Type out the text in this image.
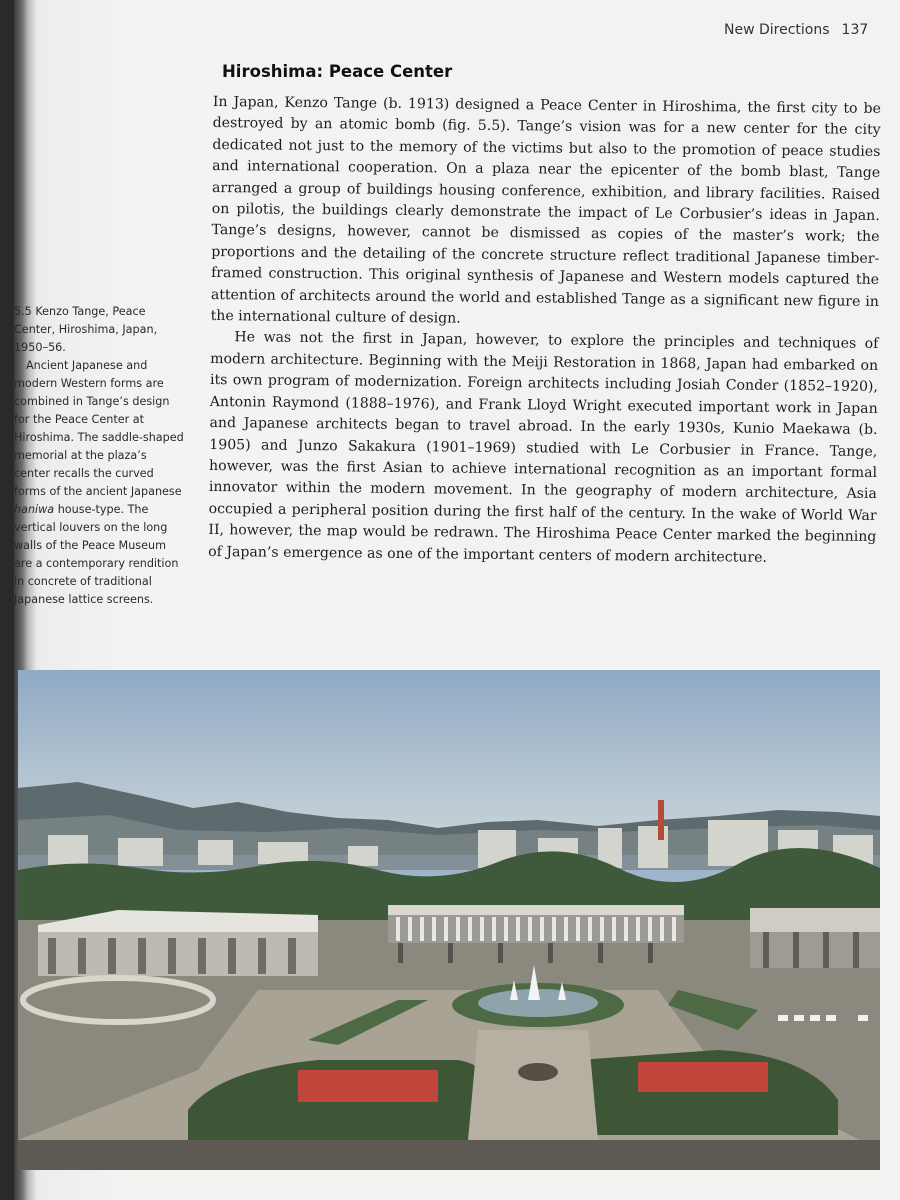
New Directions 137
Hiroshima: Peace Center

In Japan, Kenzo Tange (b. 1913) designed a Peace Center in Hiroshima, the first city to be destroyed by an atomic bomb (fig. 5.5). Tange’s vision was for a new center for the city dedicated not just to the memory of the victims but also to the promotion of peace studies and international cooperation. On a plaza near the epicenter of the bomb blast, Tange arranged a group of buildings housing conference, exhibition, and library facilities. Raised on pilotis, the buildings clearly demonstrate the impact of Le Corbusier’s ideas in Japan. Tange’s designs, however, cannot be dismissed as copies of the master’s work; the proportions and the detailing of the concrete structure reflect traditional Japanese timber-framed construction. This original synthesis of Japanese and Western models captured the attention of architects around the world and established Tange as a significant new figure in the international culture of design.

He was not the first in Japan, however, to explore the principles and techniques of modern architecture. Beginning with the Meiji Restoration in 1868, Japan had embarked on its own program of modernization. Foreign architects including Josiah Conder (1852–1920), Antonin Raymond (1888–1976), and Frank Lloyd Wright executed important work in Japan and Japanese architects began to travel abroad. In the early 1930s, Kunio Maekawa (b. 1905) and Junzo Sakakura (1901–1969) studied with Le Corbusier in France. Tange, however, was the first Asian to achieve international recognition as an important formal innovator within the modern movement. In the geography of modern architecture, Asia occupied a peripheral position during the first half of the century. In the wake of World War II, however, the map would be redrawn. The Hiroshima Peace Center marked the beginning of Japan’s emergence as one of the important centers of modern architecture.

5.5 Kenzo Tange, Peace Center, Hiroshima, Japan, 1950–56.
Ancient Japanese and modern Western forms are combined in Tange’s design for the Peace Center at Hiroshima. The saddle-shaped memorial at the plaza’s center recalls the curved forms of the ancient Japanese haniwa house-type. The vertical louvers on the long walls of the Peace Museum are a contemporary rendition in concrete of traditional Japanese lattice screens.
